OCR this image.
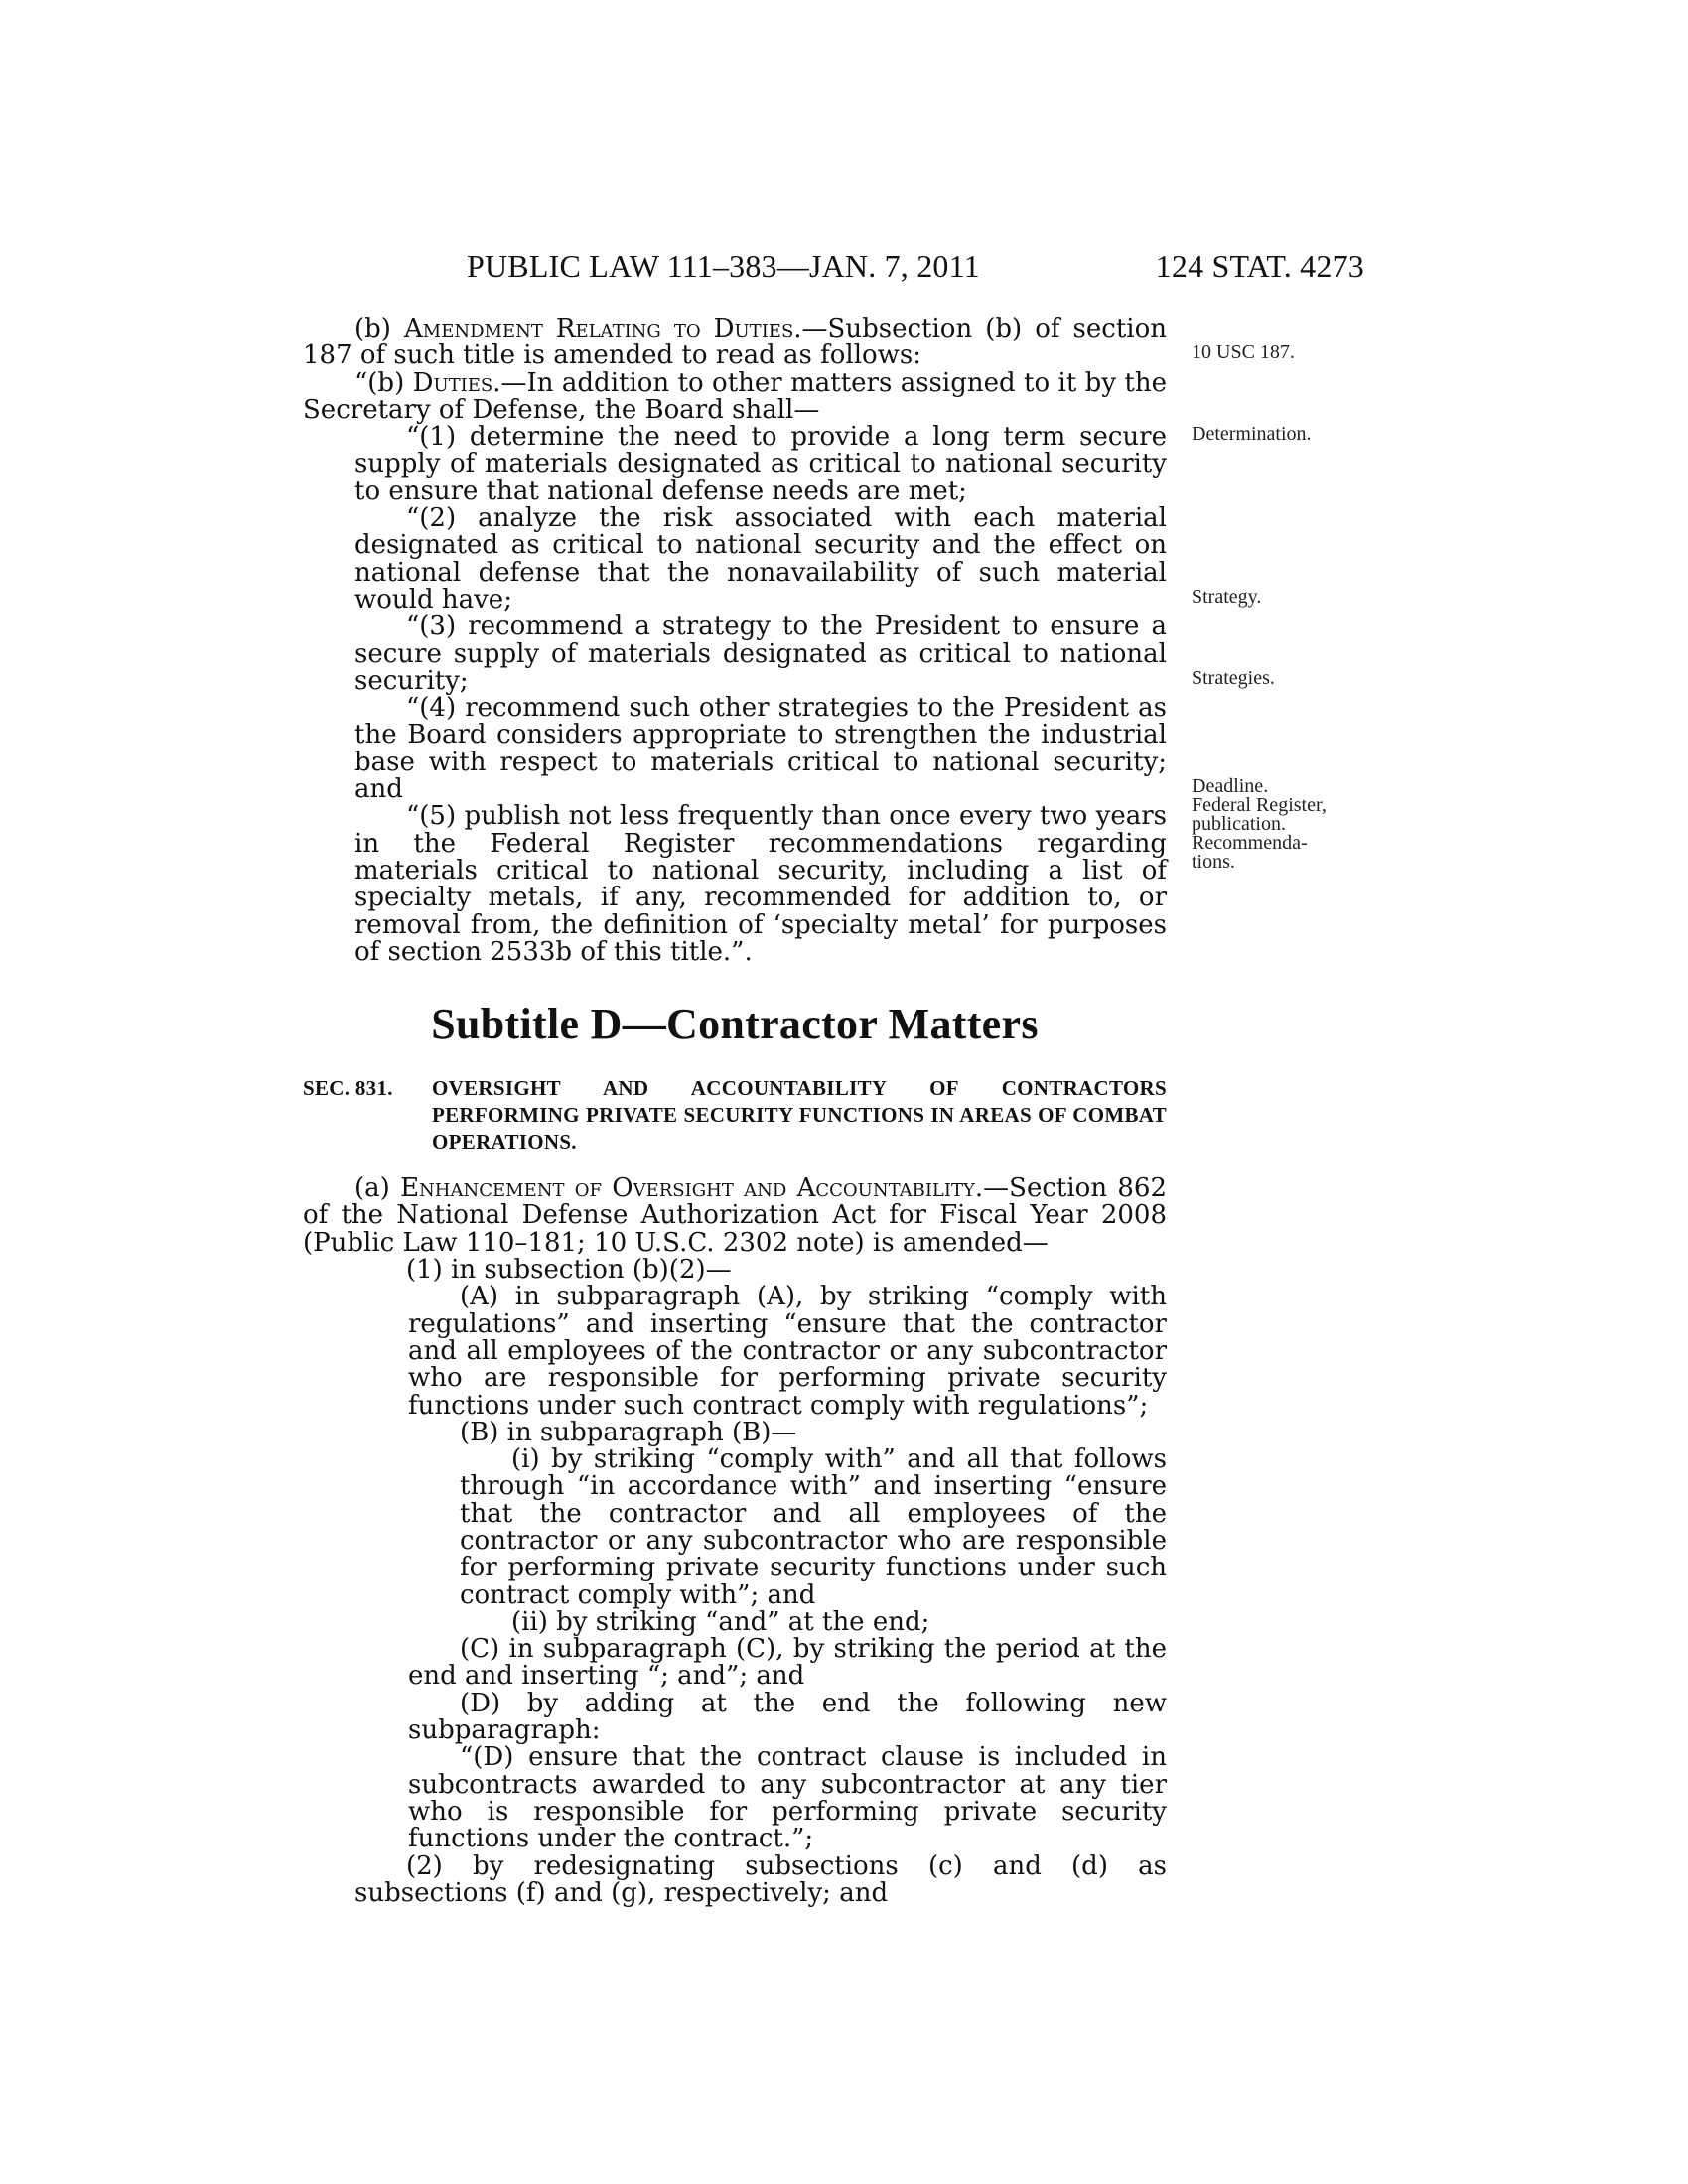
PUBLIC LAW 111–383—JAN. 7, 2011	124 STAT. 4273
10 USC 187.
Determination.
Strategy.
Strategies.
Deadline.
Federal Register,
publication.
Recommenda-
tions.

(b) Amendment Relating to Duties.—Subsection (b) of section 187 of such title is amended to read as follows:

“(b) Duties.—In addition to other matters assigned to it by the Secretary of Defense, the Board shall—

“(1) determine the need to provide a long term secure supply of materials designated as critical to national security to ensure that national defense needs are met;

“(2) analyze the risk associated with each material designated as critical to national security and the effect on national defense that the nonavailability of such material would have;

“(3) recommend a strategy to the President to ensure a secure supply of materials designated as critical to national security;

“(4) recommend such other strategies to the President as the Board considers appropriate to strengthen the industrial base with respect to materials critical to national security; and

“(5) publish not less frequently than once every two years in the Federal Register recommendations regarding materials critical to national security, including a list of specialty metals, if any, recommended for addition to, or removal from, the definition of ‘specialty metal’ for purposes of section 2533b of this title.”.

Subtitle D—Contractor Matters
SEC. 831. OVERSIGHT AND ACCOUNTABILITY OF CONTRACTORS PERFORMING PRIVATE SECURITY FUNCTIONS IN AREAS OF COMBAT OPERATIONS.

(a) Enhancement of Oversight and Accountability.—Section 862 of the National Defense Authorization Act for Fiscal Year 2008 (Public Law 110–181; 10 U.S.C. 2302 note) is amended—

(1) in subsection (b)(2)—

(A) in subparagraph (A), by striking “comply with regulations” and inserting “ensure that the contractor and all employees of the contractor or any subcontractor who are responsible for performing private security functions under such contract comply with regulations”;

(B) in subparagraph (B)—

(i) by striking “comply with” and all that follows through “in accordance with” and inserting “ensure that the contractor and all employees of the contractor or any subcontractor who are responsible for performing private security functions under such contract comply with”; and

(ii) by striking “and” at the end;

(C) in subparagraph (C), by striking the period at the end and inserting “; and”; and

(D) by adding at the end the following new subparagraph:

“(D) ensure that the contract clause is included in subcontracts awarded to any subcontractor at any tier who is responsible for performing private security functions under the contract.”;

(2) by redesignating subsections (c) and (d) as subsections (f) and (g), respectively; and
